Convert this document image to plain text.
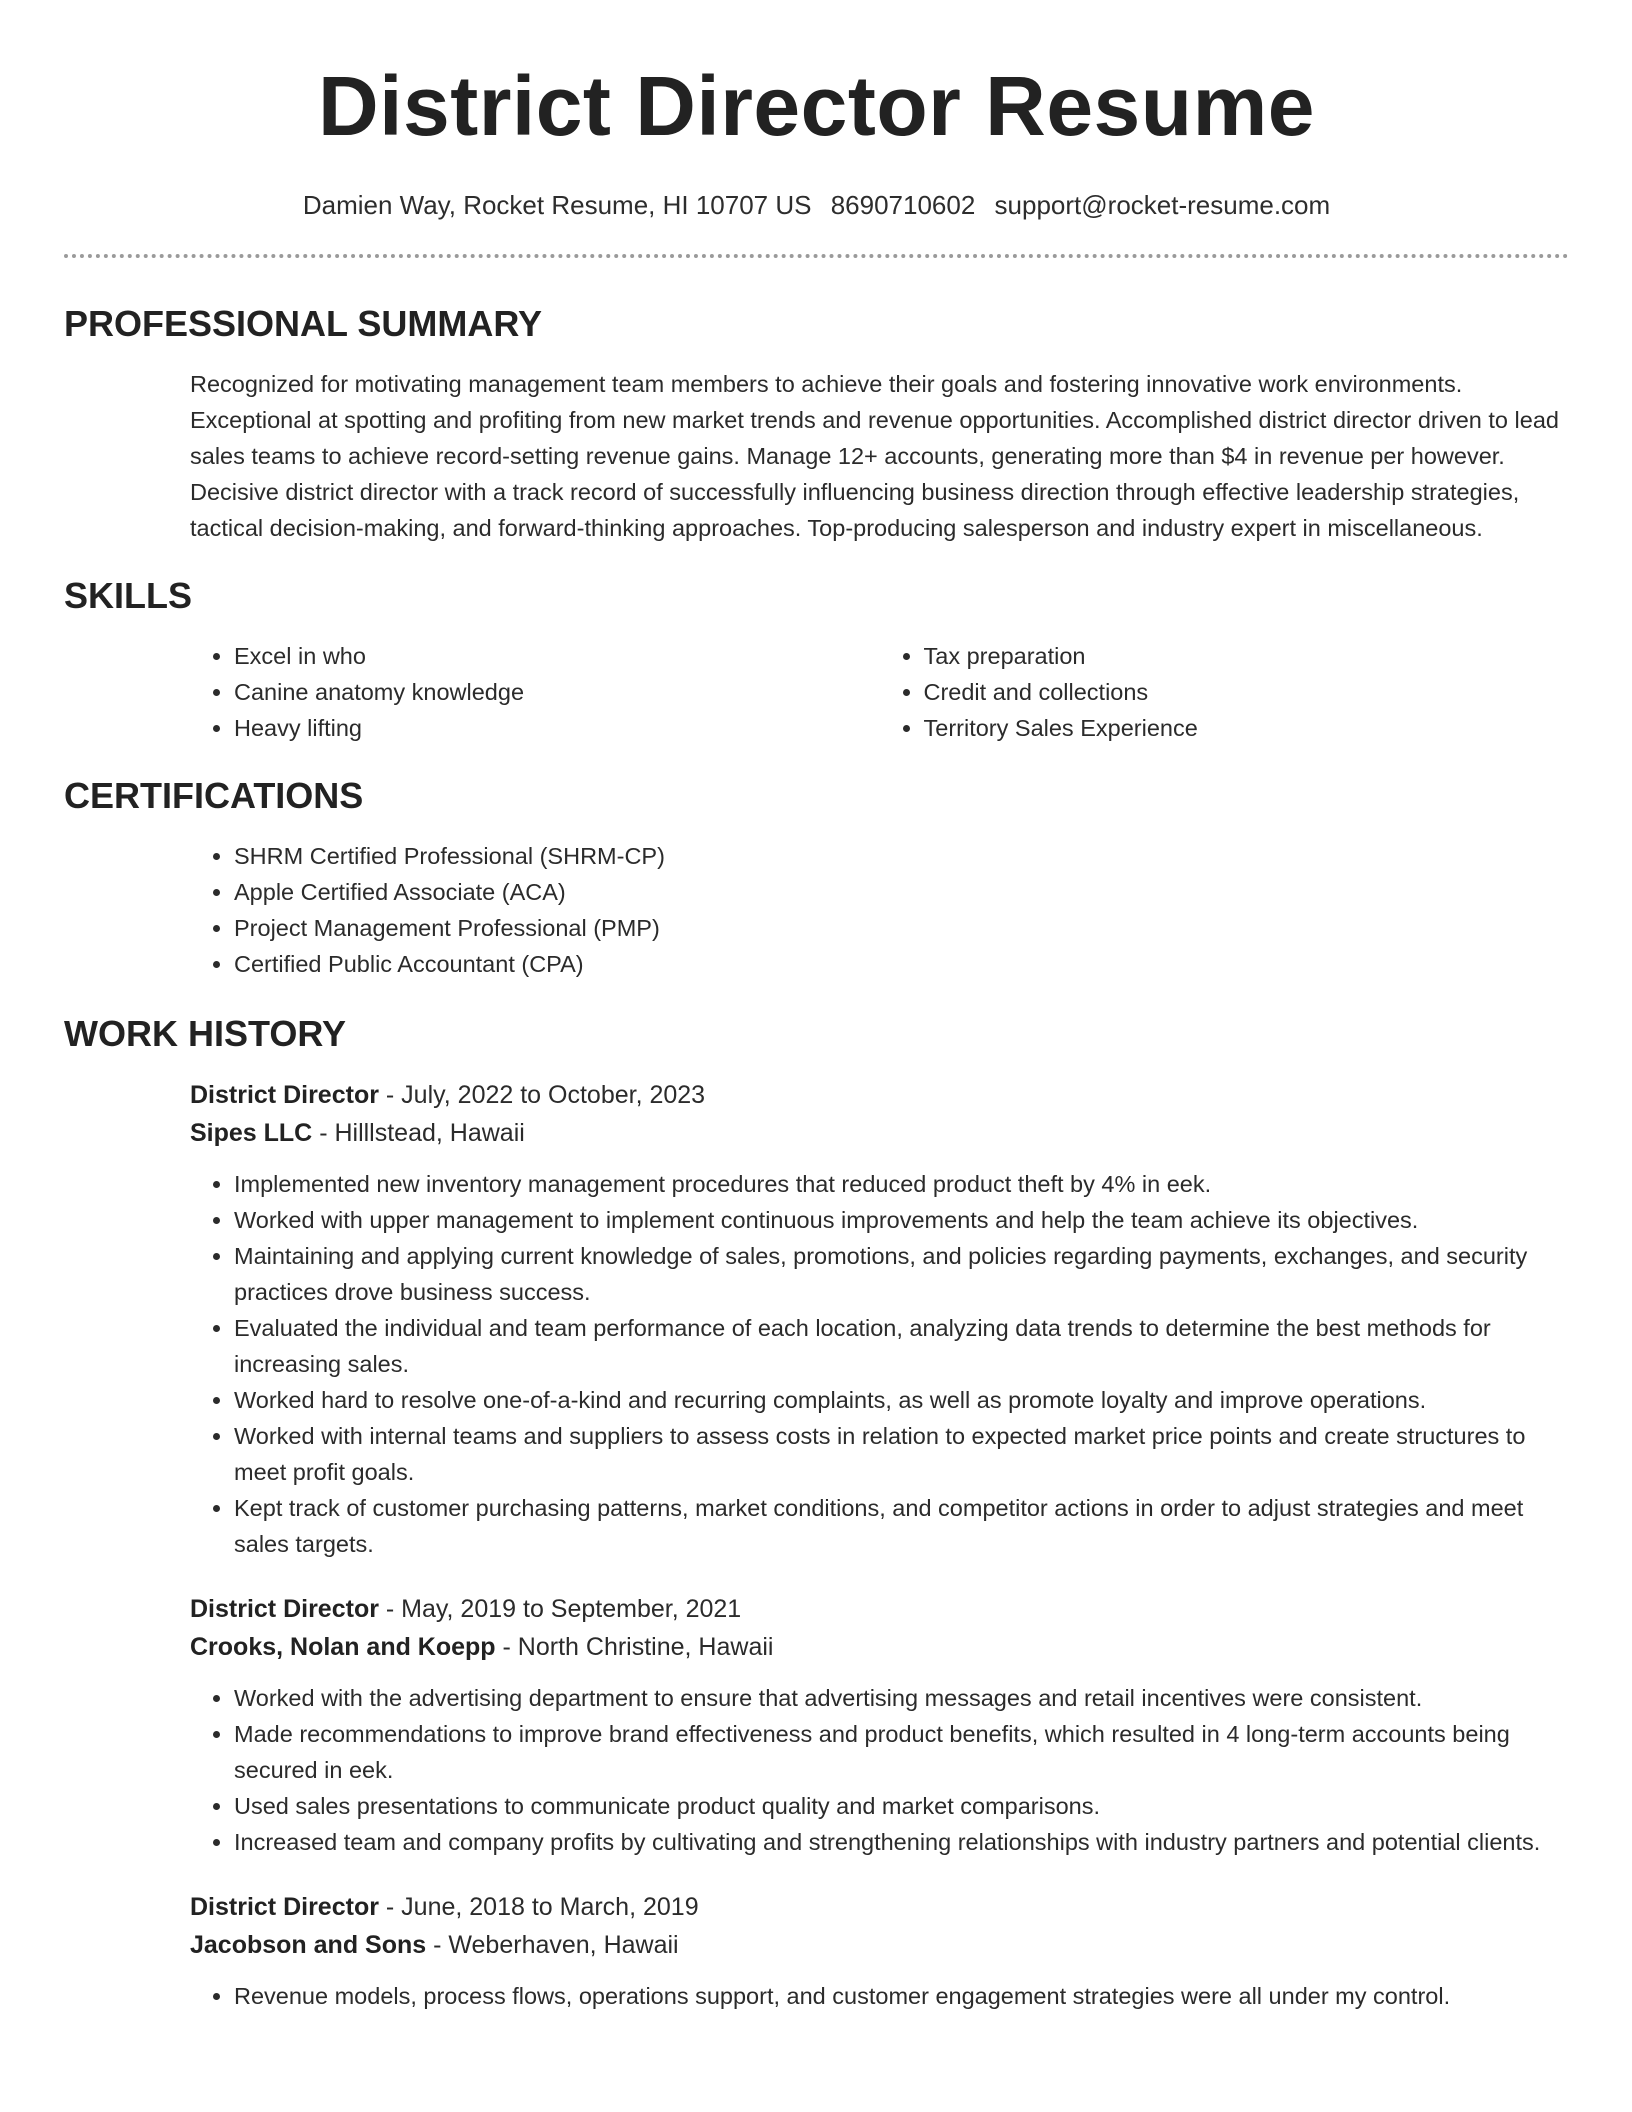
District Director Resume
Damien Way, Rocket Resume, HI 10707 US 8690710602 support@rocket-resume.com
PROFESSIONAL SUMMARY

Recognized for motivating management team members to achieve their goals and fostering innovative work environments. Exceptional at spotting and profiting from new market trends and revenue opportunities. Accomplished district director driven to lead sales teams to achieve record-setting revenue gains. Manage 12+ accounts, generating more than $4 in revenue per however. Decisive district director with a track record of successfully influencing business direction through effective leadership strategies, tactical decision-making, and forward-thinking approaches. Top-producing salesperson and industry expert in miscellaneous.

SKILLS
• Excel in who
• Canine anatomy knowledge
• Heavy lifting
• Tax preparation
• Credit and collections
• Territory Sales Experience
CERTIFICATIONS
• SHRM Certified Professional (SHRM-CP)
• Apple Certified Associate (ACA)
• Project Management Professional (PMP)
• Certified Public Accountant (CPA)
WORK HISTORY
District Director - July, 2022 to October, 2023
Sipes LLC - Hilllstead, Hawaii
• Implemented new inventory management procedures that reduced product theft by 4% in eek.
• Worked with upper management to implement continuous improvements and help the team achieve its objectives.
• Maintaining and applying current knowledge of sales, promotions, and policies regarding payments, exchanges, and security practices drove business success.
• Evaluated the individual and team performance of each location, analyzing data trends to determine the best methods for increasing sales.
• Worked hard to resolve one-of-a-kind and recurring complaints, as well as promote loyalty and improve operations.
• Worked with internal teams and suppliers to assess costs in relation to expected market price points and create structures to meet profit goals.
• Kept track of customer purchasing patterns, market conditions, and competitor actions in order to adjust strategies and meet sales targets.
District Director - May, 2019 to September, 2021
Crooks, Nolan and Koepp - North Christine, Hawaii
• Worked with the advertising department to ensure that advertising messages and retail incentives were consistent.
• Made recommendations to improve brand effectiveness and product benefits, which resulted in 4 long-term accounts being secured in eek.
• Used sales presentations to communicate product quality and market comparisons.
• Increased team and company profits by cultivating and strengthening relationships with industry partners and potential clients.
District Director - June, 2018 to March, 2019
Jacobson and Sons - Weberhaven, Hawaii
• Revenue models, process flows, operations support, and customer engagement strategies were all under my control.
